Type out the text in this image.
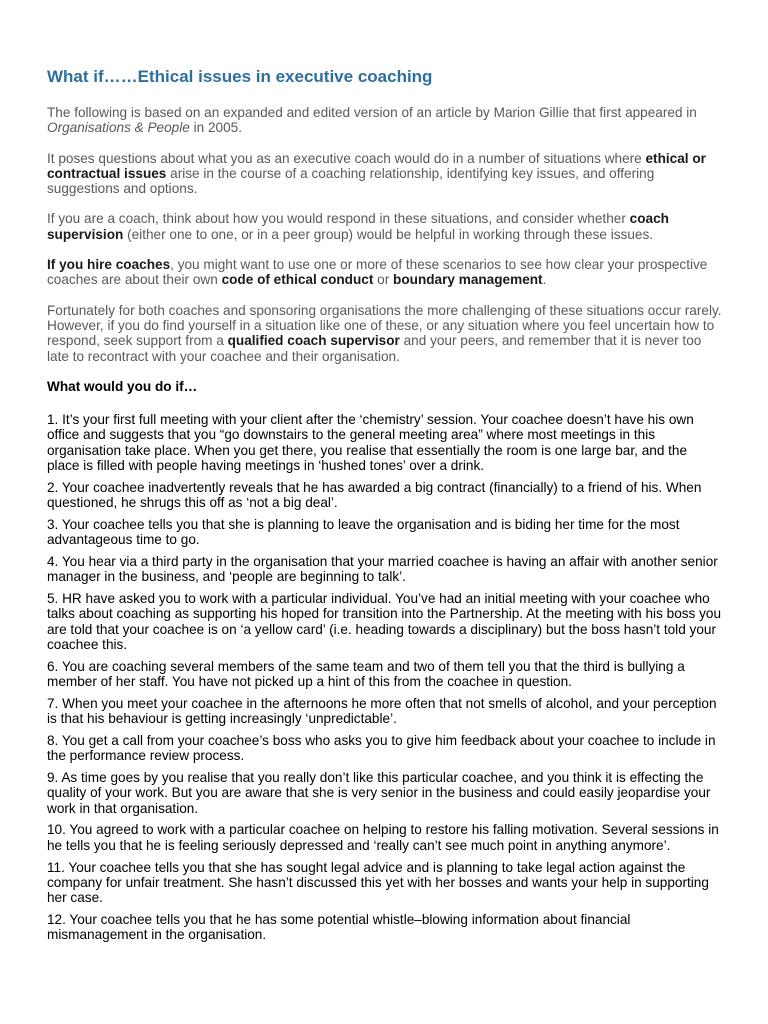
What if……Ethical issues in executive coaching

The following is based on an expanded and edited version of an article by Marion Gillie that first appeared in Organisations & People in 2005.

It poses questions about what you as an executive coach would do in a number of situations where ethical or contractual issues arise in the course of a coaching relationship, identifying key issues, and offering suggestions and options.

If you are a coach, think about how you would respond in these situations, and consider whether coach supervision (either one to one, or in a peer group) would be helpful in working through these issues.

If you hire coaches, you might want to use one or more of these scenarios to see how clear your prospective coaches are about their own code of ethical conduct or boundary management.

Fortunately for both coaches and sponsoring organisations the more challenging of these situations occur rarely. However, if you do find yourself in a situation like one of these, or any situation where you feel uncertain how to respond, seek support from a qualified coach supervisor and your peers, and remember that it is never too late to recontract with your coachee and their organisation.

What would you do if…
1. It’s your first full meeting with your client after the ‘chemistry’ session. Your coachee doesn’t have his own office and suggests that you “go downstairs to the general meeting area” where most meetings in this organisation take place. When you get there, you realise that essentially the room is one large bar, and the place is filled with people having meetings in ‘hushed tones’ over a drink.
2. Your coachee inadvertently reveals that he has awarded a big contract (financially) to a friend of his. When questioned, he shrugs this off as ‘not a big deal’.
3. Your coachee tells you that she is planning to leave the organisation and is biding her time for the most advantageous time to go.
4. You hear via a third party in the organisation that your married coachee is having an affair with another senior manager in the business, and ‘people are beginning to talk’.
5. HR have asked you to work with a particular individual. You’ve had an initial meeting with your coachee who talks about coaching as supporting his hoped for transition into the Partnership. At the meeting with his boss you are told that your coachee is on ‘a yellow card’ (i.e. heading towards a disciplinary) but the boss hasn’t told your coachee this.
6. You are coaching several members of the same team and two of them tell you that the third is bullying a member of her staff. You have not picked up a hint of this from the coachee in question.
7. When you meet your coachee in the afternoons he more often that not smells of alcohol, and your perception is that his behaviour is getting increasingly ‘unpredictable’.
8. You get a call from your coachee’s boss who asks you to give him feedback about your coachee to include in the performance review process.
9. As time goes by you realise that you really don’t like this particular coachee, and you think it is effecting the quality of your work. But you are aware that she is very senior in the business and could easily jeopardise your work in that organisation.
10. You agreed to work with a particular coachee on helping to restore his falling motivation. Several sessions in he tells you that he is feeling seriously depressed and ‘really can’t see much point in anything anymore’.
11. Your coachee tells you that she has sought legal advice and is planning to take legal action against the company for unfair treatment. She hasn’t discussed this yet with her bosses and wants your help in supporting her case.
12. Your coachee tells you that he has some potential whistle–blowing information about financial mismanagement in the organisation.
